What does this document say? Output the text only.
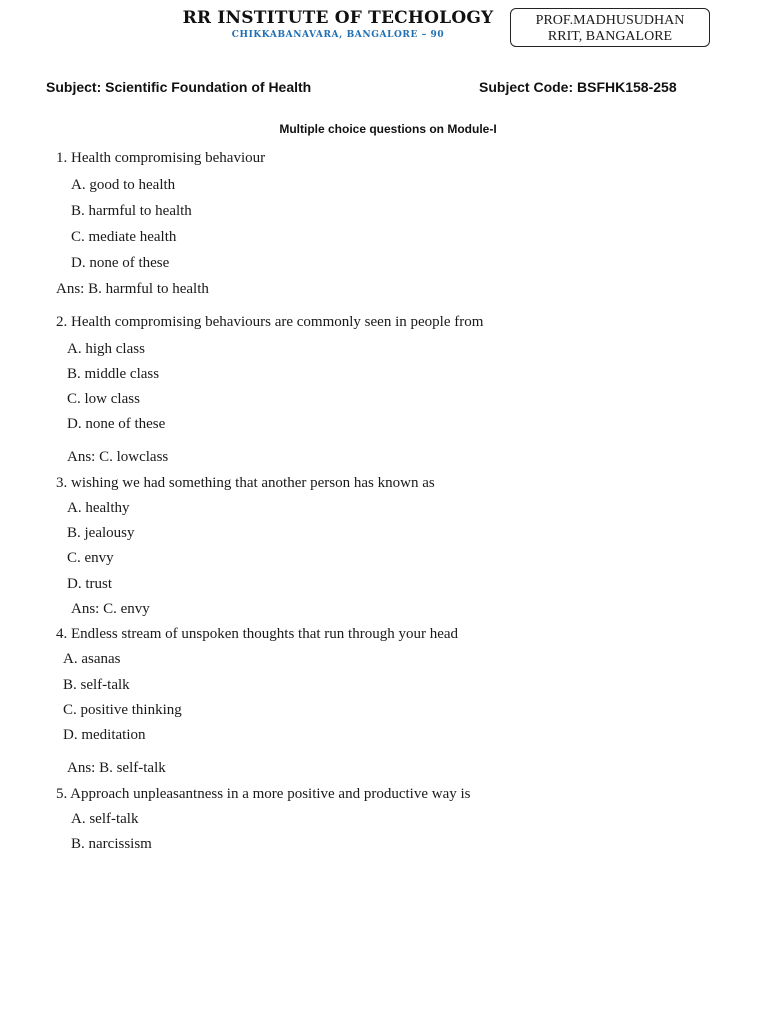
RR INSTITUTE OF TECHOLOGY
CHIKKABANAVARA, BANGALORE – 90
PROF.MADHUSUDHAN
RRIT, BANGALORE
Subject: Scientific Foundation of Health	Subject Code: BSFHK158-258
Multiple choice questions on Module-I
1. Health compromising behaviour
A. good to health
B. harmful to health
C. mediate health
D. none of these
Ans: B. harmful to health
2. Health compromising behaviours are commonly seen in people from
A. high class
B. middle class
C. low class
D. none of these
Ans: C. lowclass
3. wishing we had something that another person has known as
A. healthy
B. jealousy
C. envy
D. trust
Ans: C. envy
4. Endless stream of unspoken thoughts that run through your head
A. asanas
B. self-talk
C. positive thinking
D. meditation
Ans: B. self-talk
5. Approach unpleasantness in a more positive and productive way is
A. self-talk
B. narcissism
